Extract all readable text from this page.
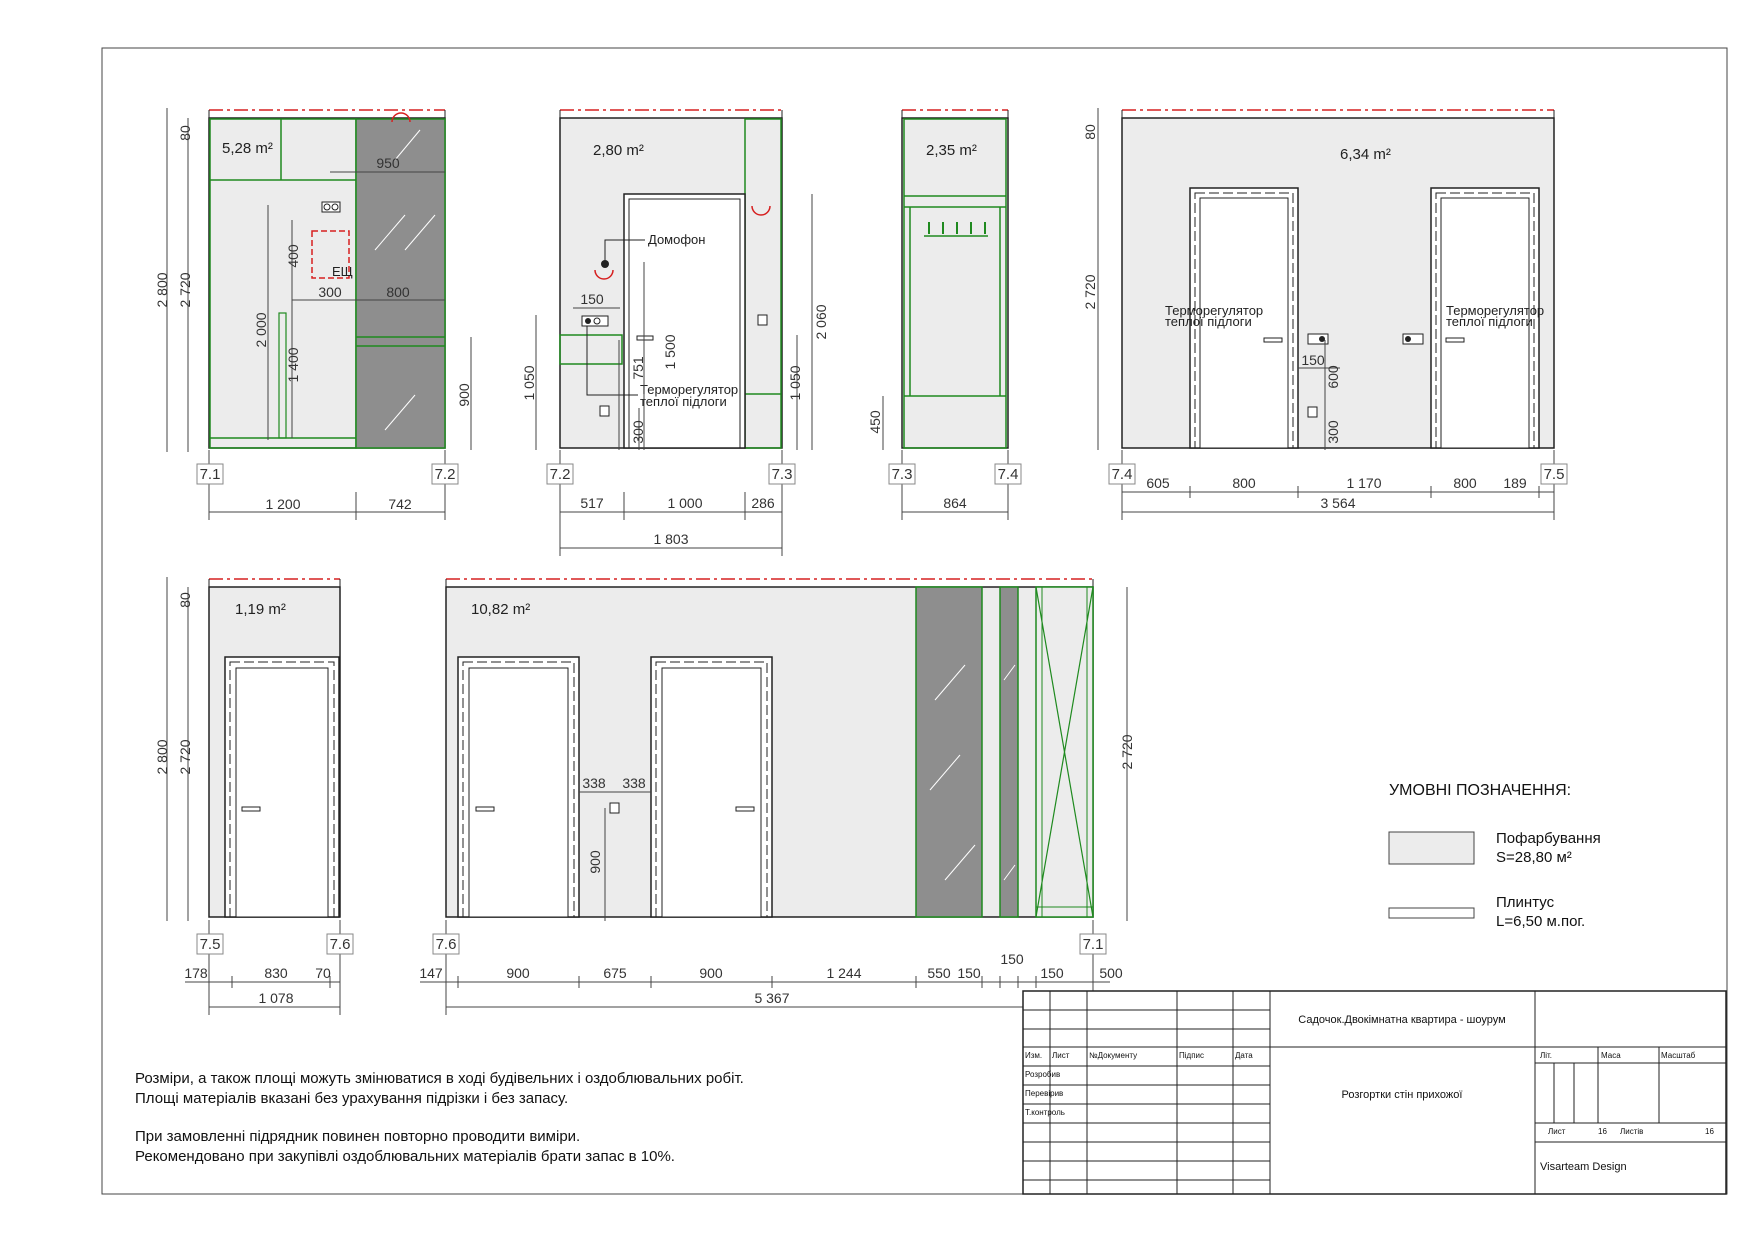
ЕЩ
5,28 m²
2 800 2 720
80
2 000
1 400
400
900
950
300	800
1 200	742
7.1	7.2
Домофон
Терморегулятор
теплої підлоги
2,80 m²
1 050	751 1 500
300
2 060
1 050
150
517	1 000	286
1 803
7.2	7.3
2,35 m²
450
864
7.3	7.4
Терморегулятор
теплої підлоги
Терморегулятор
теплої підлоги
6,34 m²
80
2 720
600
300
605	800	1 170	800 189
3 564
150
7.4	7.5
1,19 m²
2 800 2 720
80
178	830 70
1 078
7.5	7.6
10,82 m²
2 720
900
338 338
147	900	675	900	1 244	550 150
150
150	500
5 367
7.6	7.1
УМОВНІ ПОЗНАЧЕННЯ:
Пофарбування
S=28,80 м²
Плинтус
L=6,50 м.пог.
Розміри, а також площі можуть змінюватися в ході будівельних і оздоблювальних робіт.
Площі матеріалів вказані без урахування підрізки і без запасу.
При замовленні підрядник повинен повторно проводити виміри.
Рекомендовано при закупівлі оздоблювальних матеріалів брати запас в 10%.
Изм. Лист №Документу	Підпис	Дата
Розробив
Перевірив
Т.контроль
Садочок.Двокімнатна квартира - шоурум
Розгортки стін прихожої
Visarteam Design
Літ.	Маса	Масштаб
Лист	16 Листів	16
